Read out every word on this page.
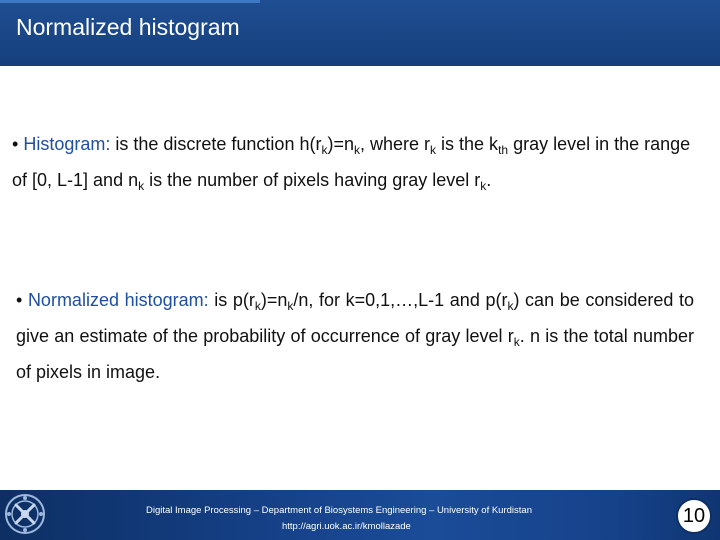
Normalized histogram
• Histogram: is the discrete function $h(r_k)=n_k$, where $r_k$ is the $k_{th}$ gray level in the range of [0, L-1] and $n_k$ is the number of pixels having gray level $r_k$.
• Normalized histogram: is $p(r_k)=n_k/n$, for k=0,1,…,L-1 and $p(r_k)$ can be considered to give an estimate of the probability of occurrence of gray level $r_k$. n is the total number of pixels in image.
Digital Image Processing – Department of Biosystems Engineering – University of Kurdistan
http://agri.uok.ac.ir/kmollazade	10
